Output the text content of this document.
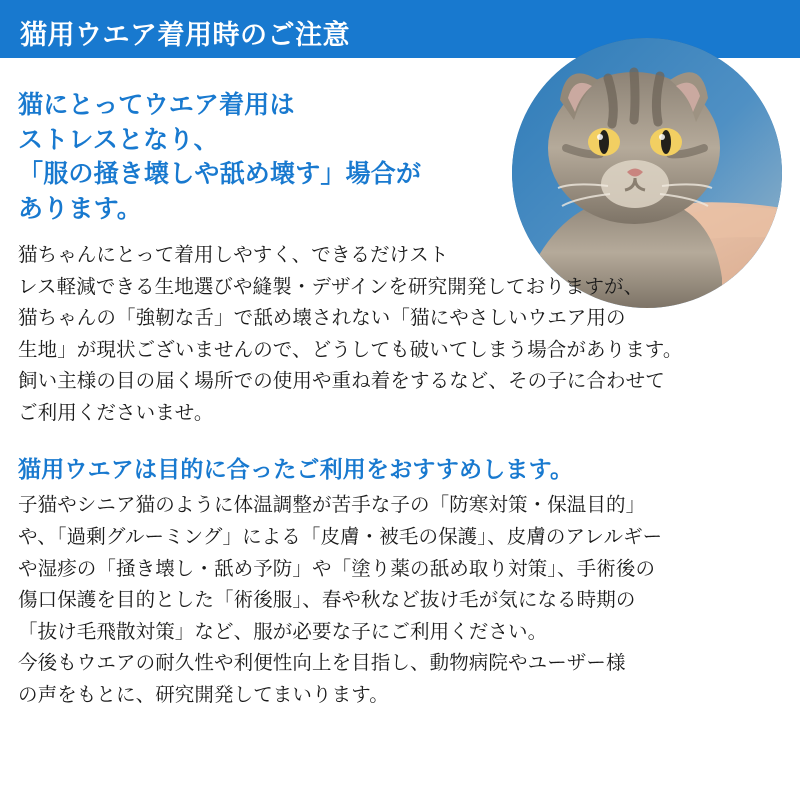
猫用ウエア着用時のご注意
猫にとってウエア着用は
ストレスとなり、
「服の掻き壊しや舐め壊す」場合が
あります。

猫ちゃんにとって着用しやすく、できるだけスト
レス軽減できる生地選びや縫製・デザインを研究開発しておりますが、
猫ちゃんの「強靭な舌」で舐め壊されない「猫にやさしいウエア用の
生地」が現状ございませんので、どうしても破いてしまう場合があります。
飼い主様の目の届く場所での使用や重ね着をするなど、その子に合わせて
ご利用くださいませ。

猫用ウエアは目的に合ったご利用をおすすめします。

子猫やシニア猫のように体温調整が苦手な子の「防寒対策・保温目的」
や、「過剰グルーミング」による「皮膚・被毛の保護」、皮膚のアレルギー
や湿疹の「掻き壊し・舐め予防」や「塗り薬の舐め取り対策」、手術後の
傷口保護を目的とした「術後服」、春や秋など抜け毛が気になる時期の
「抜け毛飛散対策」など、服が必要な子にご利用ください。
今後もウエアの耐久性や利便性向上を目指し、動物病院やユーザー様
の声をもとに、研究開発してまいります。
